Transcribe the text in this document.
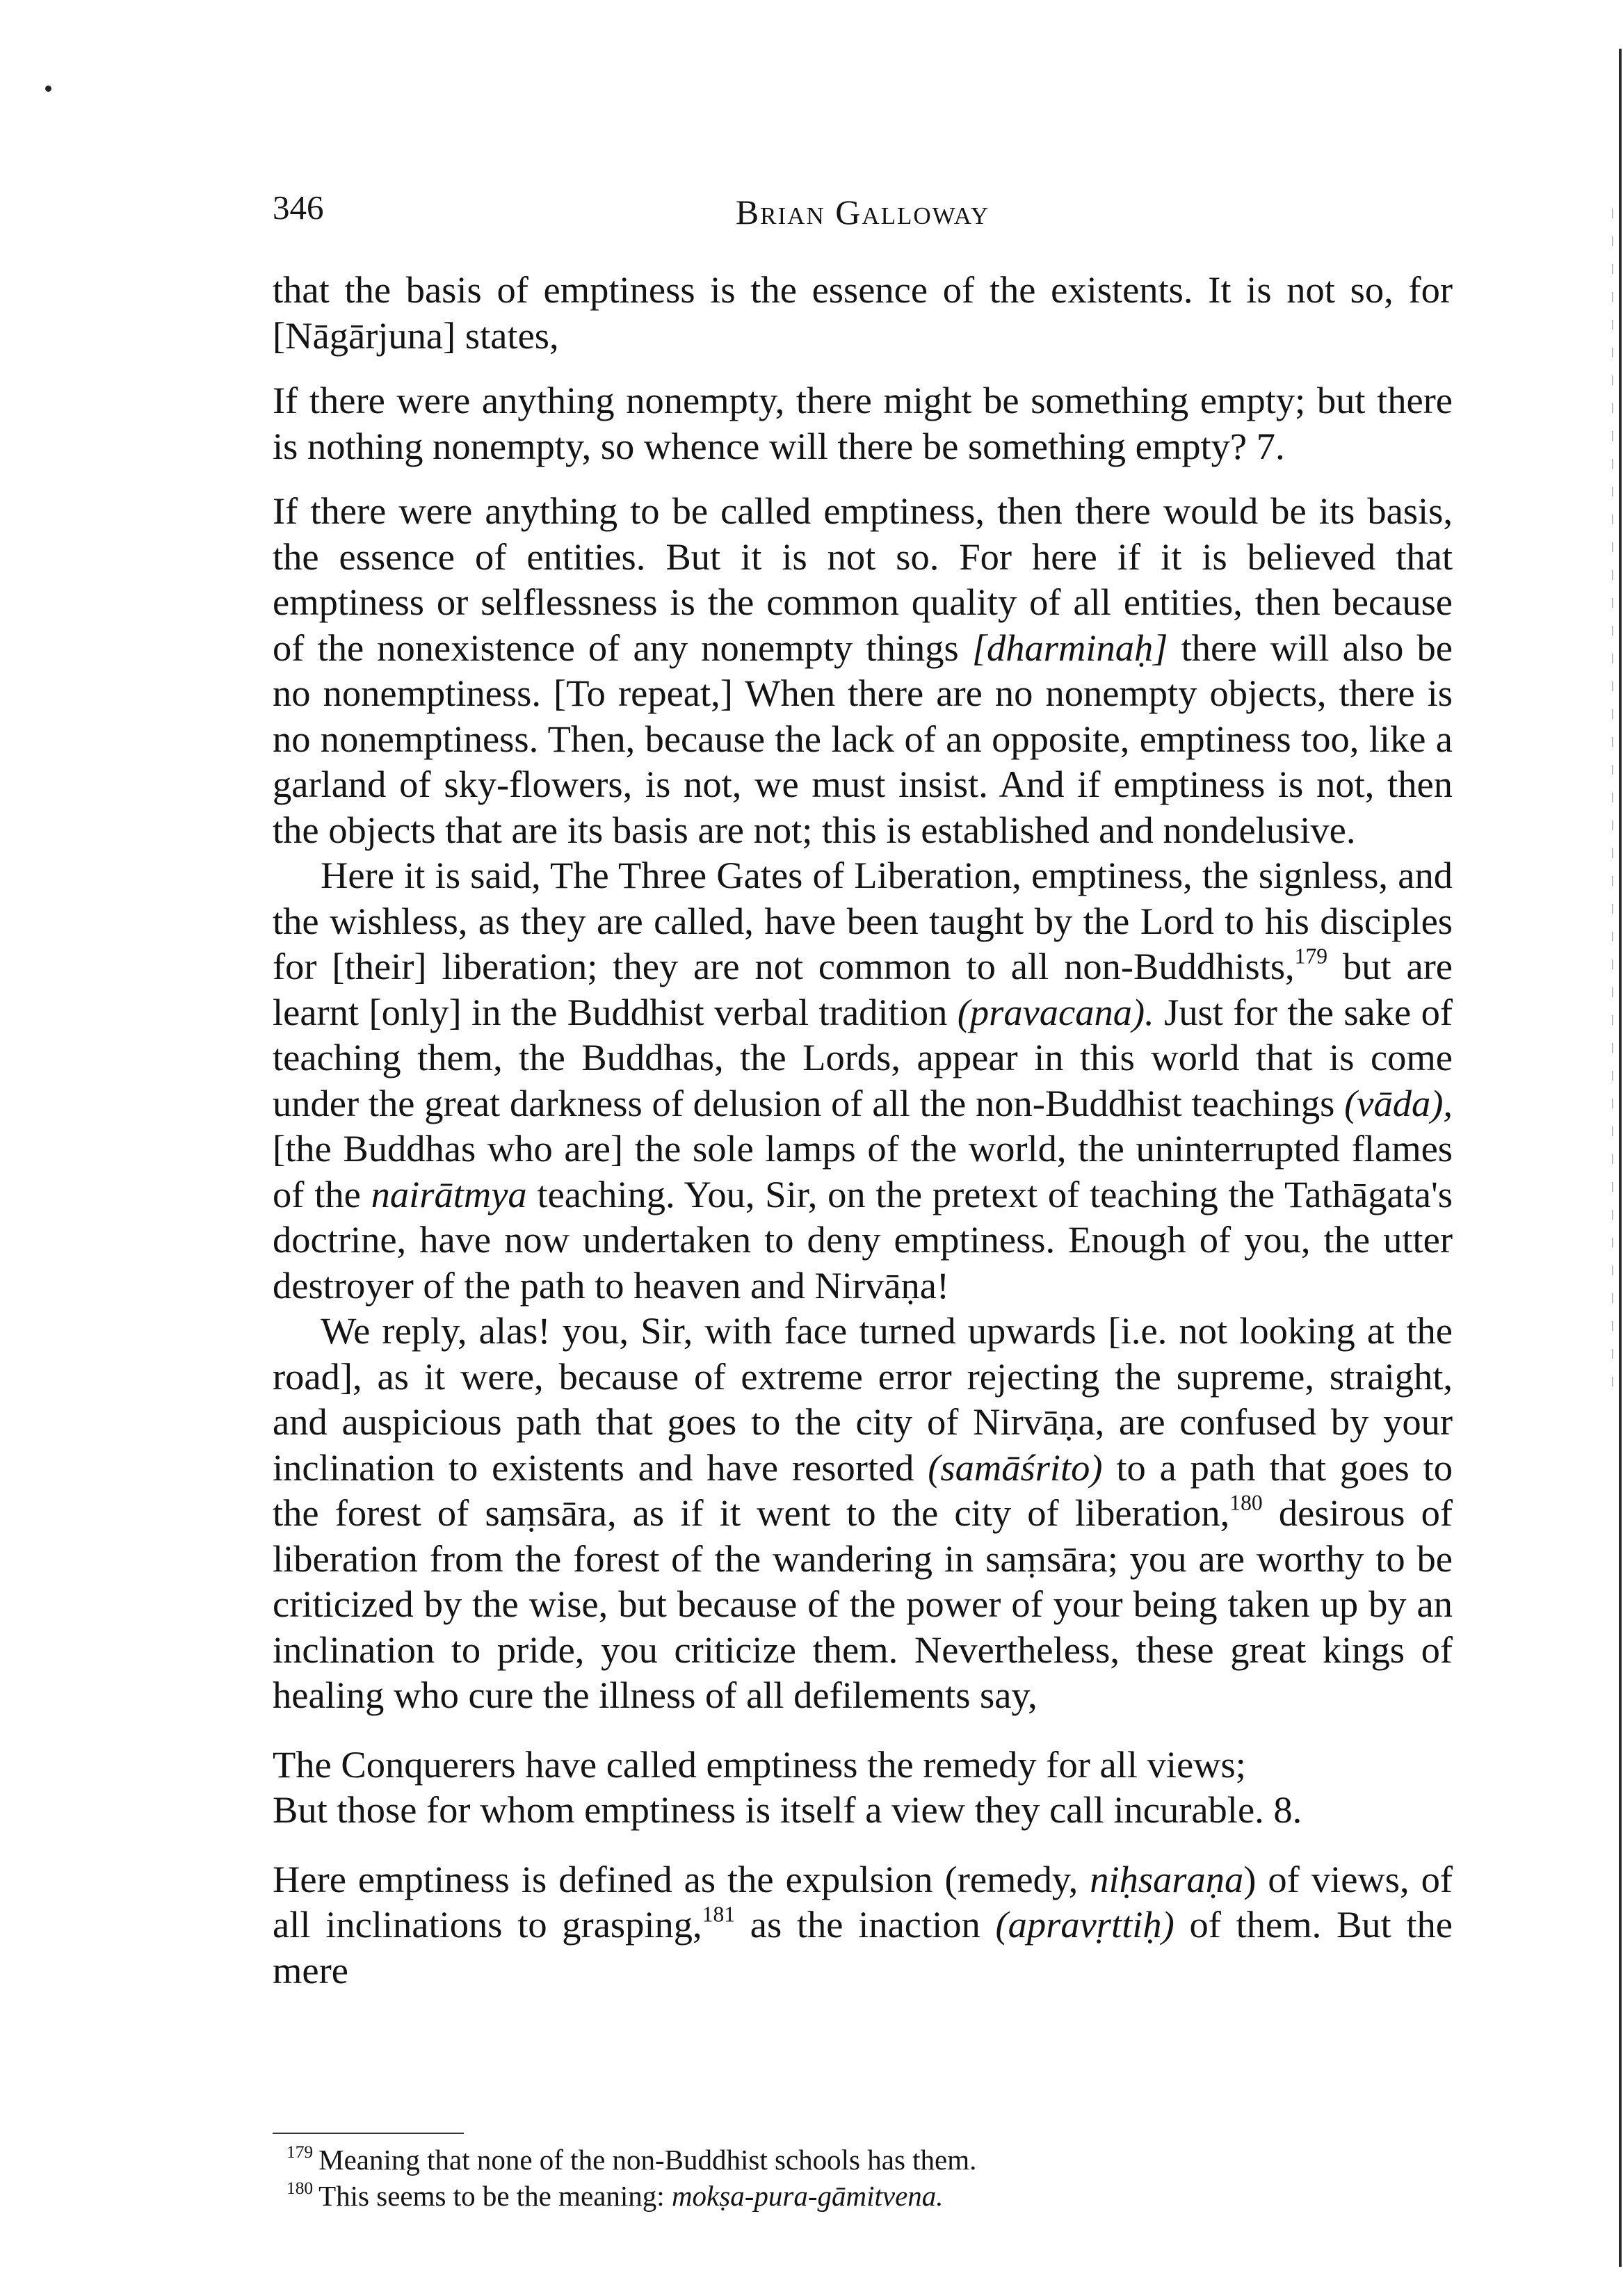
346	Brian Galloway

that the basis of emptiness is the essence of the existents. It is not so, for [Nāgārjuna] states,

If there were anything nonempty, there might be something empty; but there is nothing nonempty, so whence will there be something empty? 7.

If there were anything to be called emptiness, then there would be its basis, the essence of entities. But it is not so. For here if it is believed that emptiness or selflessness is the common quality of all entities, then because of the nonexistence of any nonempty things [dharminaḥ] there will also be no nonemptiness. [To repeat,] When there are no nonempty objects, there is no nonemptiness. Then, because the lack of an opposite, emptiness too, like a garland of sky-flowers, is not, we must insist. And if emptiness is not, then the objects that are its basis are not; this is established and nondelusive.

Here it is said, The Three Gates of Liberation, emptiness, the signless, and the wishless, as they are called, have been taught by the Lord to his disciples for [their] liberation; they are not common to all non-Buddhists,$^{179}$ but are learnt [only] in the Buddhist verbal tradition (pravacana). Just for the sake of teaching them, the Buddhas, the Lords, appear in this world that is come under the great darkness of delusion of all the non-Buddhist teachings (vāda), [the Buddhas who are] the sole lamps of the world, the uninterrupted flames of the nairātmya teaching. You, Sir, on the pretext of teaching the Tathāgata's doctrine, have now undertaken to deny emptiness. Enough of you, the utter destroyer of the path to heaven and Nirvāṇa!

We reply, alas! you, Sir, with face turned upwards [i.e. not looking at the road], as it were, because of extreme error rejecting the supreme, straight, and auspicious path that goes to the city of Nirvāṇa, are confused by your inclination to existents and have resorted (samāśrito) to a path that goes to the forest of saṃsāra, as if it went to the city of liberation,$^{180}$ desirous of liberation from the forest of the wandering in saṃsāra; you are worthy to be criticized by the wise, but because of the power of your being taken up by an inclination to pride, you criticize them. Nevertheless, these great kings of healing who cure the illness of all defilements say,

The Conquerers have called emptiness the remedy for all views;
But those for whom emptiness is itself a view they call incurable. 8.

Here emptiness is defined as the expulsion (remedy, niḥsaraṇa) of views, of all inclinations to grasping,$^{181}$ as the inaction (apravṛttiḥ) of them. But the mere

$^{179}$ Meaning that none of the non-Buddhist schools has them.
$^{180}$ This seems to be the meaning: mokṣa-pura-gāmitvena.
